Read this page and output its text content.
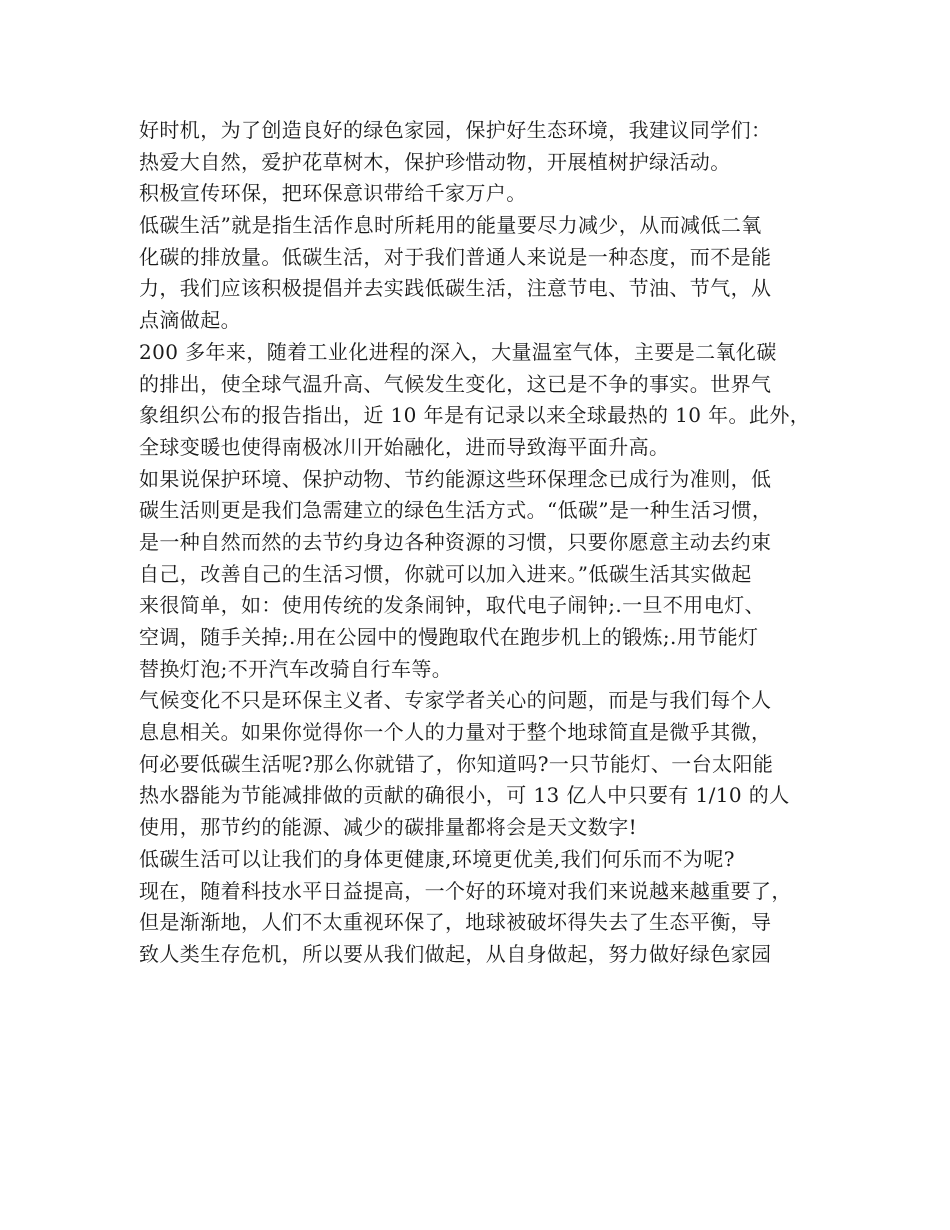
好时机，为了创造良好的绿色家园，保护好生态环境，我建议同学们：
热爱大自然，爱护花草树木，保护珍惜动物，开展植树护绿活动。
积极宣传环保，把环保意识带给千家万户。
低碳生活”就是指生活作息时所耗用的能量要尽力减少，从而减低二氧
化碳的排放量。低碳生活，对于我们普通人来说是一种态度，而不是能
力，我们应该积极提倡并去实践低碳生活，注意节电、节油、节气，从
点滴做起。
200 多年来，随着工业化进程的深入，大量温室气体，主要是二氧化碳
的排出，使全球气温升高、气候发生变化，这已是不争的事实。世界气
象组织公布的报告指出，近 10 年是有记录以来全球最热的 10 年。此外，
全球变暖也使得南极冰川开始融化，进而导致海平面升高。
如果说保护环境、保护动物、节约能源这些环保理念已成行为准则，低
碳生活则更是我们急需建立的绿色生活方式。“低碳”是一种生活习惯，
是一种自然而然的去节约身边各种资源的习惯，只要你愿意主动去约束
自己，改善自己的生活习惯，你就可以加入进来。”低碳生活其实做起
来很简单，如：使用传统的发条闹钟，取代电子闹钟;.一旦不用电灯、
空调，随手关掉;.用在公园中的慢跑取代在跑步机上的锻炼;.用节能灯
替换灯泡;不开汽车改骑自行车等。
气候变化不只是环保主义者、专家学者关心的问题，而是与我们每个人
息息相关。如果你觉得你一个人的力量对于整个地球简直是微乎其微，
何必要低碳生活呢?那么你就错了，你知道吗?一只节能灯、一台太阳能
热水器能为节能减排做的贡献的确很小，可 13 亿人中只要有 1/10 的人
使用，那节约的能源、减少的碳排量都将会是天文数字!
低碳生活可以让我们的身体更健康,环境更优美,我们何乐而不为呢?
现在，随着科技水平日益提高，一个好的环境对我们来说越来越重要了，
但是渐渐地，人们不太重视环保了，地球被破坏得失去了生态平衡，导
致人类生存危机，所以要从我们做起，从自身做起，努力做好绿色家园
